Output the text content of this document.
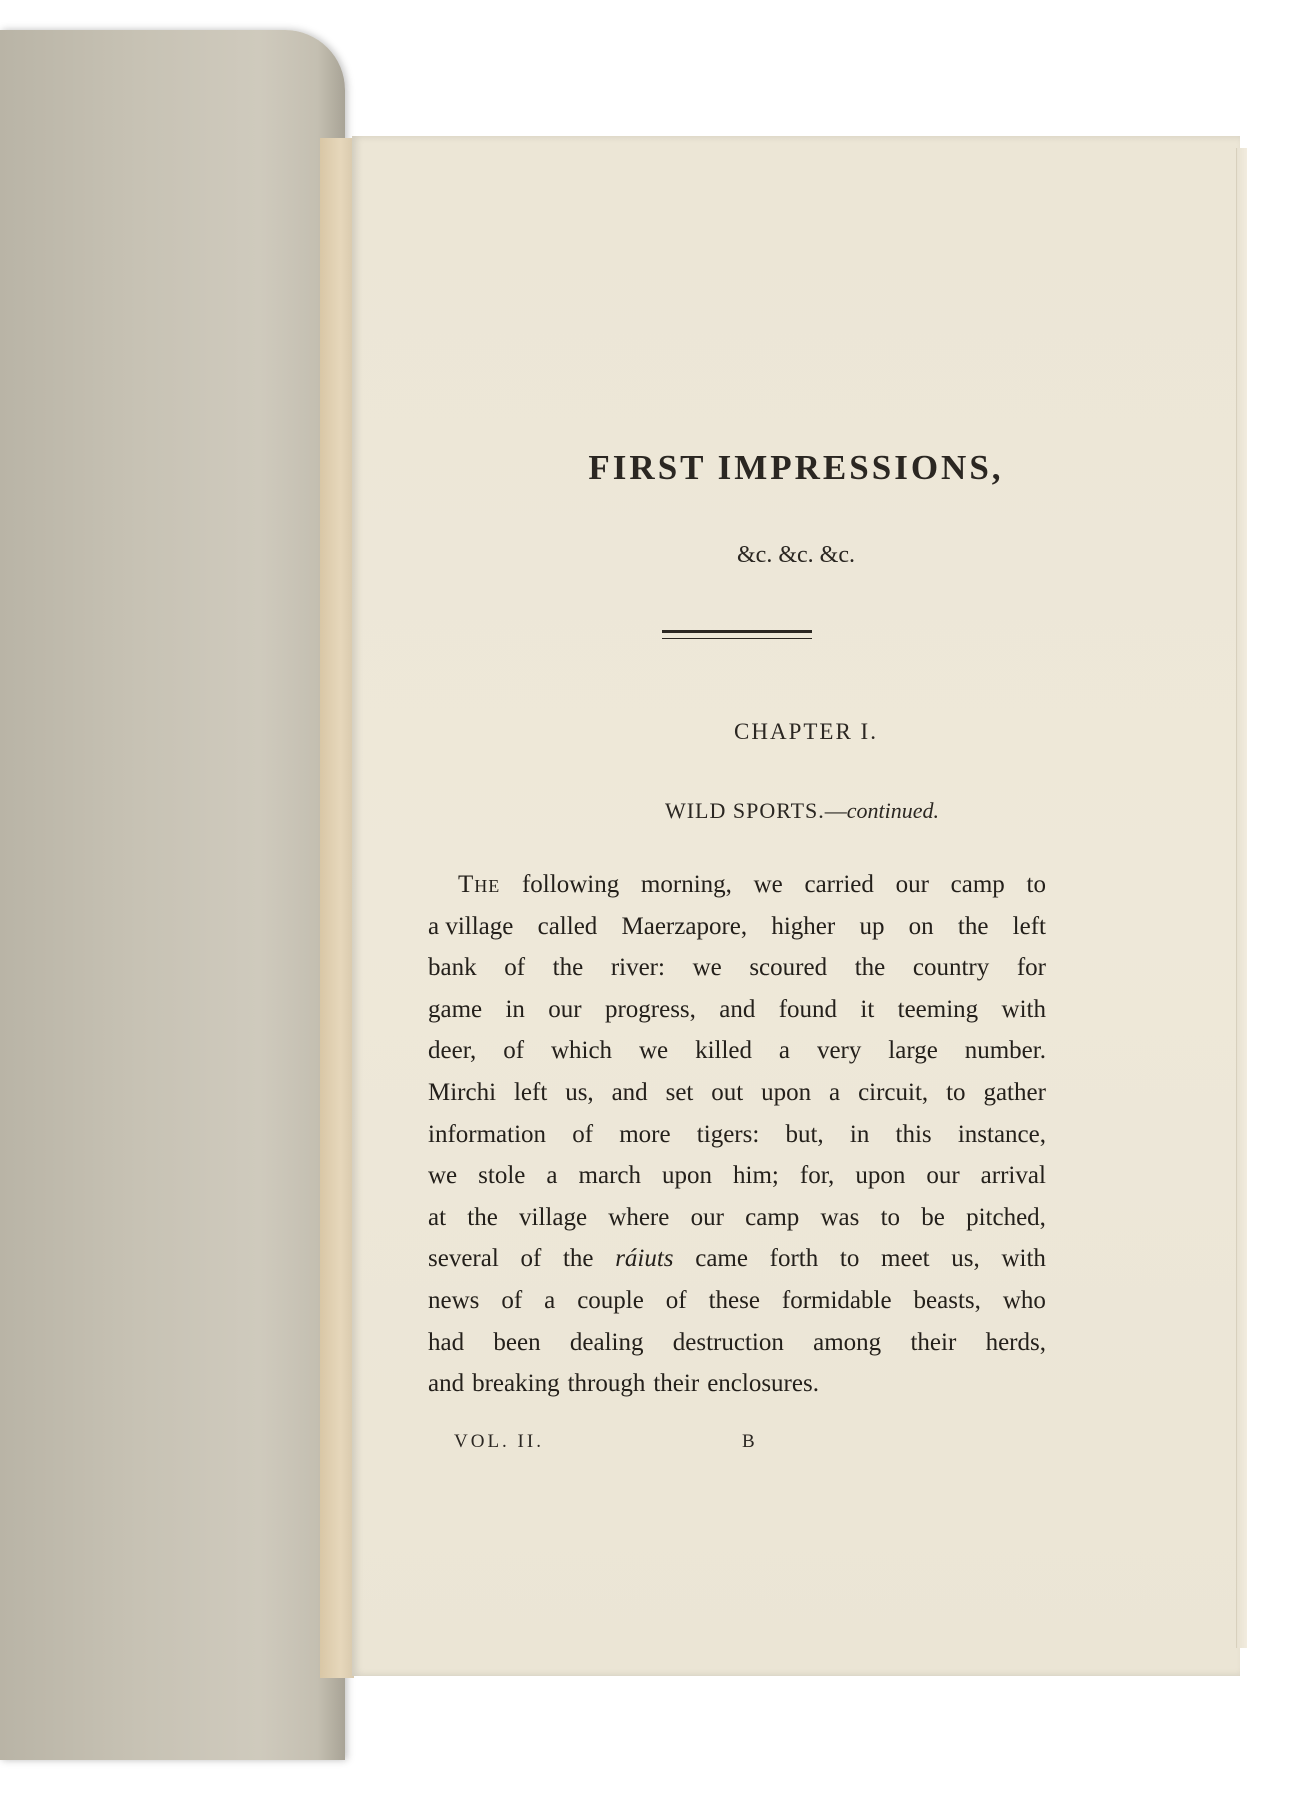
FIRST IMPRESSIONS,
&c. &c. &c.
CHAPTER I.
WILD SPORTS.—continued.
The following morning, we carried our camp to
a village called Maerzapore, higher up on the left
bank of the river: we scoured the country for
game in our progress, and found it teeming with
deer, of which we killed a very large number.
Mirchi left us, and set out upon a circuit, to gather
information of more tigers: but, in this instance,
we stole a march upon him; for, upon our arrival
at the village where our camp was to be pitched,
several of the ráiuts came forth to meet us, with
news of a couple of these formidable beasts, who
had been dealing destruction among their herds,
and breaking through their enclosures.
VOL. II.	B
